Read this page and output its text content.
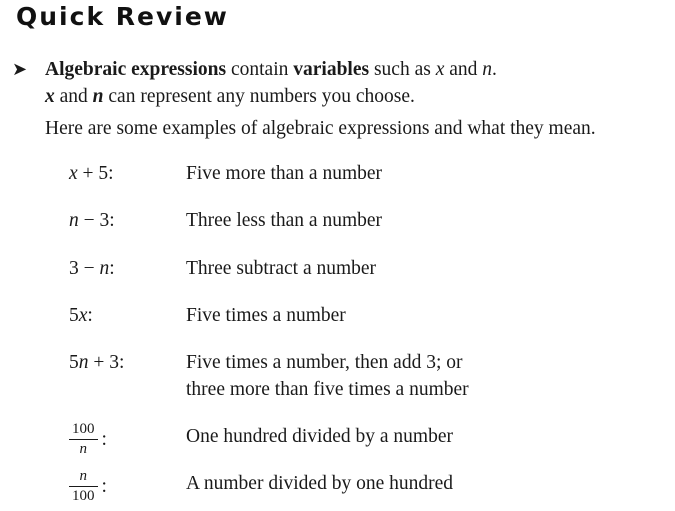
Quick Review
➤ Algebraic expressions contain variables such as x and n.
x and n can represent any numbers you choose.
Here are some examples of algebraic expressions and what they mean.
x + 5:	Five more than a number
n − 3:	Three less than a number
3 − n:	Three subtract a number
5x:	Five times a number
5n + 3:	Five times a number, then add 3; or
three more than five times a number
$\frac{100}{n}$ :	One hundred divided by a number
$\frac{n}{100}$ :	A number divided by one hundred
